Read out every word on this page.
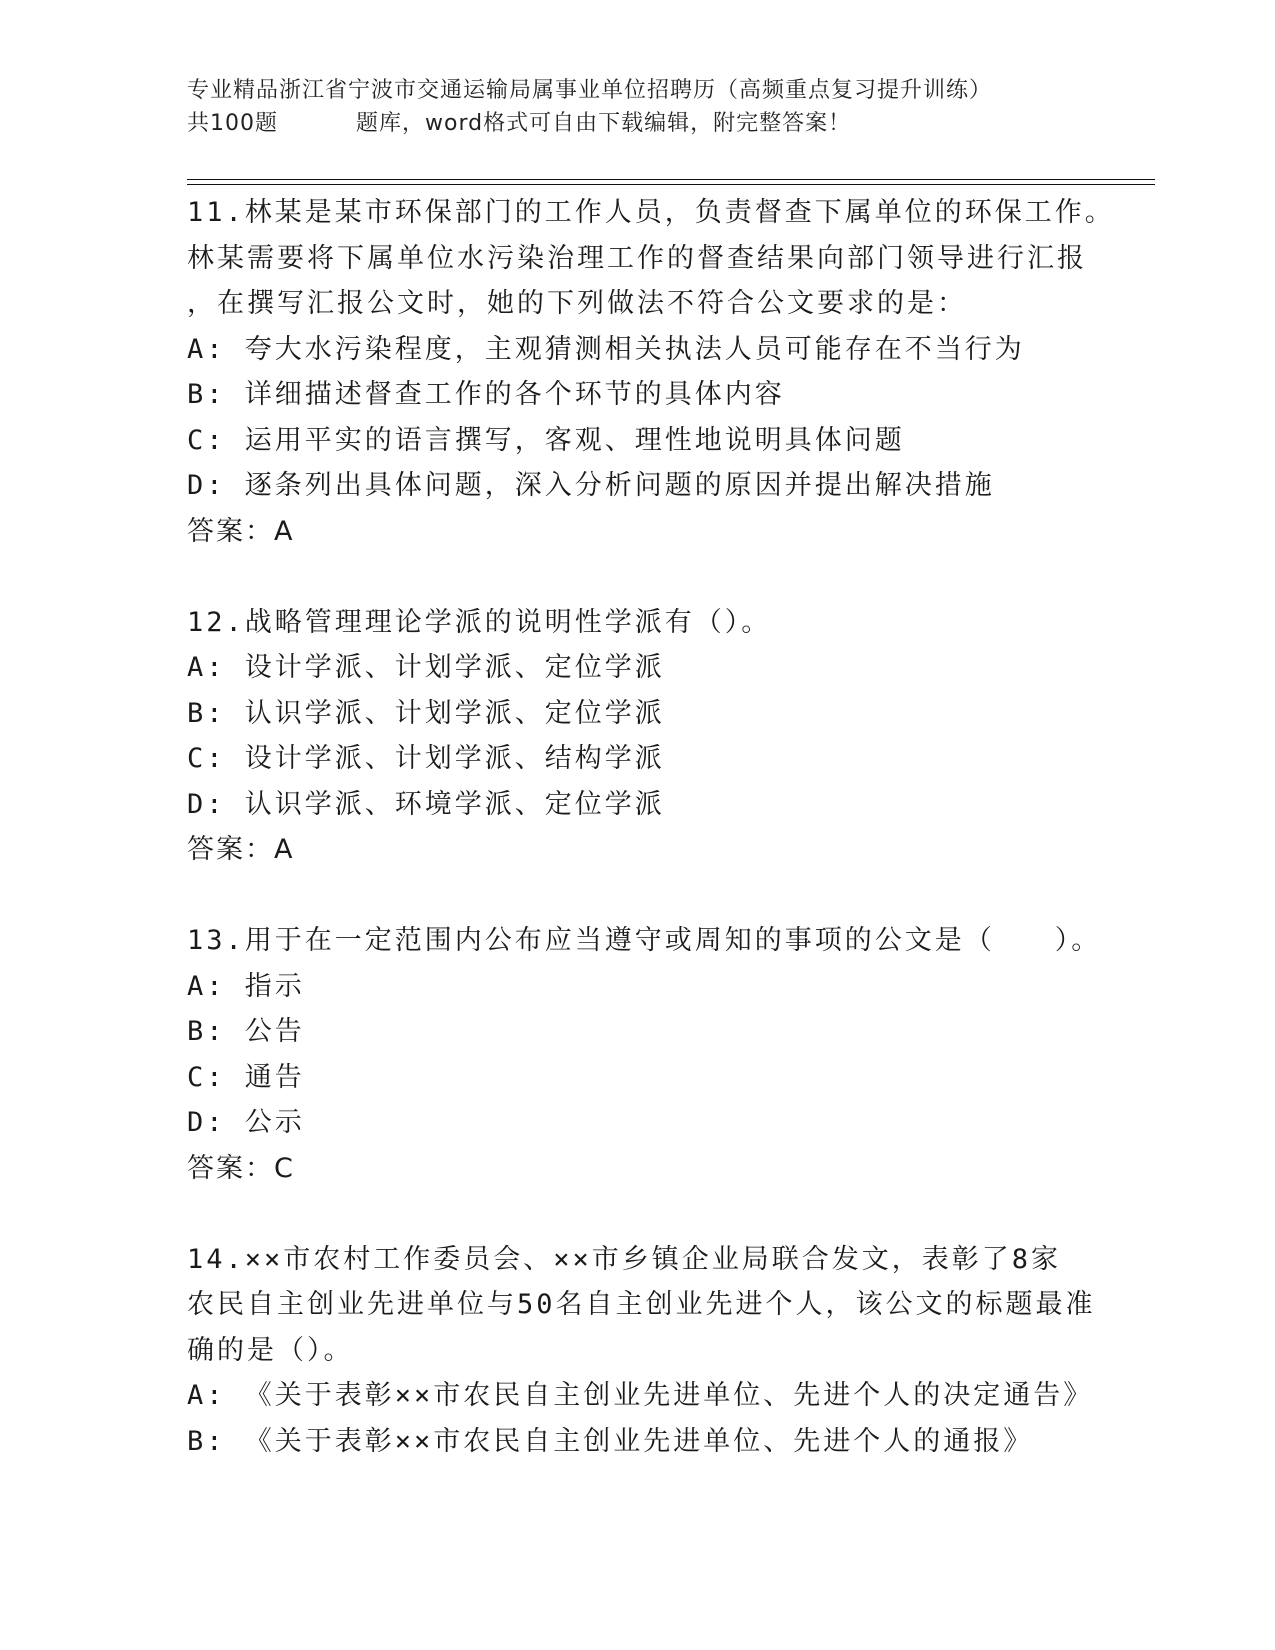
专业精品浙江省宁波市交通运输局属事业单位招聘历（高频重点复习提升训练）
共100题	题库，word格式可自由下载编辑，附完整答案！
11.林某是某市环保部门的工作人员，负责督查下属单位的环保工作。
林某需要将下属单位水污染治理工作的督查结果向部门领导进行汇报
，在撰写汇报公文时，她的下列做法不符合公文要求的是：
A: 夸大水污染程度，主观猜测相关执法人员可能存在不当行为
B: 详细描述督查工作的各个环节的具体内容
C: 运用平实的语言撰写，客观、理性地说明具体问题
D: 逐条列出具体问题，深入分析问题的原因并提出解决措施
答案：A
12.战略管理理论学派的说明性学派有（）。
A: 设计学派、计划学派、定位学派
B: 认识学派、计划学派、定位学派
C: 设计学派、计划学派、结构学派
D: 认识学派、环境学派、定位学派
答案：A
13.用于在一定范围内公布应当遵守或周知的事项的公文是（　　）。
A: 指示
B: 公告
C: 通告
D: 公示
答案：C
14.××市农村工作委员会、××市乡镇企业局联合发文，表彰了8家
农民自主创业先进单位与50名自主创业先进个人，该公文的标题最准
确的是（）。
A: 《关于表彰××市农民自主创业先进单位、先进个人的决定通告》
B: 《关于表彰××市农民自主创业先进单位、先进个人的通报》
